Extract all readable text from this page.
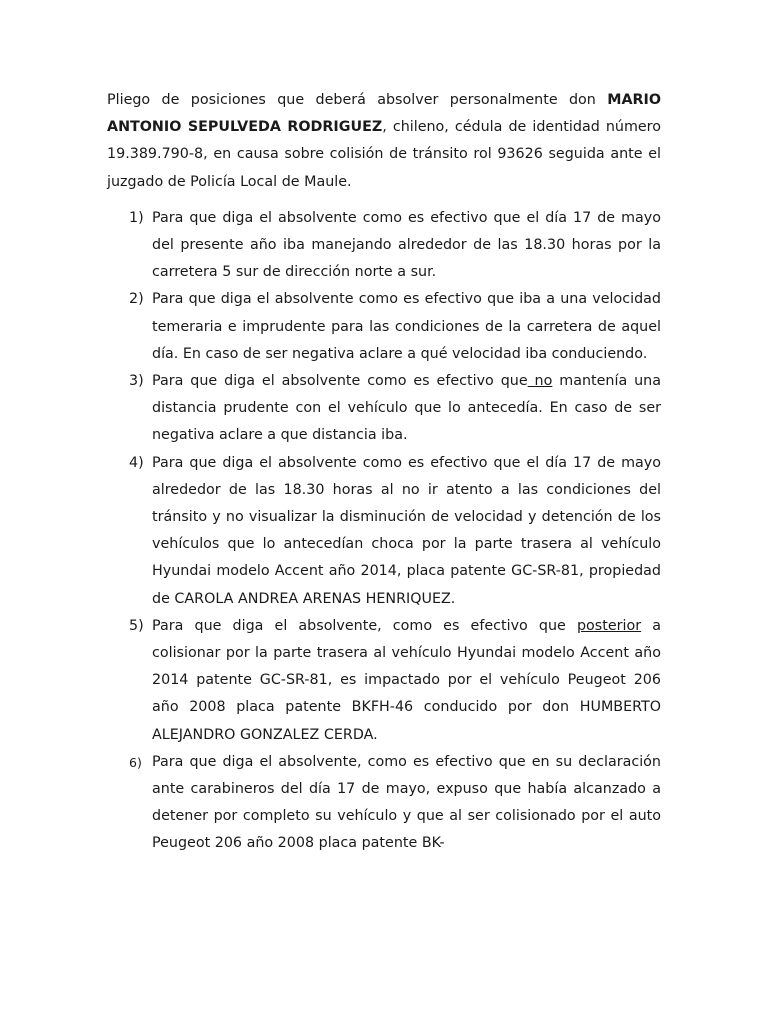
Pliego de posiciones que deberá absolver personalmente don MARIO ANTONIO SEPULVEDA RODRIGUEZ, chileno, cédula de identidad número 19.389.790-8, en causa sobre colisión de tránsito rol 93626 seguida ante el juzgado de Policía Local de Maule.

1) Para que diga el absolvente como es efectivo que el día 17 de mayo del presente año iba manejando alrededor de las 18.30 horas por la carretera 5 sur de dirección norte a sur.
2) Para que diga el absolvente como es efectivo que iba a una velocidad temeraria e imprudente para las condiciones de la carretera de aquel día. En caso de ser negativa aclare a qué velocidad iba conduciendo.
3) Para que diga el absolvente como es efectivo que no mantenía una distancia prudente con el vehículo que lo antecedía. En caso de ser negativa aclare a que distancia iba.
4) Para que diga el absolvente como es efectivo que el día 17 de mayo alrededor de las 18.30 horas al no ir atento a las condiciones del tránsito y no visualizar la disminución de velocidad y detención de los vehículos que lo antecedían choca por la parte trasera al vehículo Hyundai modelo Accent año 2014, placa patente GC-SR-81, propiedad de CAROLA ANDREA ARENAS HENRIQUEZ.
5) Para que diga el absolvente, como es efectivo que posterior a colisionar por la parte trasera al vehículo Hyundai modelo Accent año 2014 patente GC-SR-81, es impactado por el vehículo Peugeot 206 año 2008 placa patente BKFH-46 conducido por don HUMBERTO ALEJANDRO GONZALEZ CERDA.
6) Para que diga el absolvente, como es efectivo que en su declaración ante carabineros del día 17 de mayo, expuso que había alcanzado a detener por completo su vehículo y que al ser colisionado por el auto Peugeot 206 año 2008 placa patente BK-
